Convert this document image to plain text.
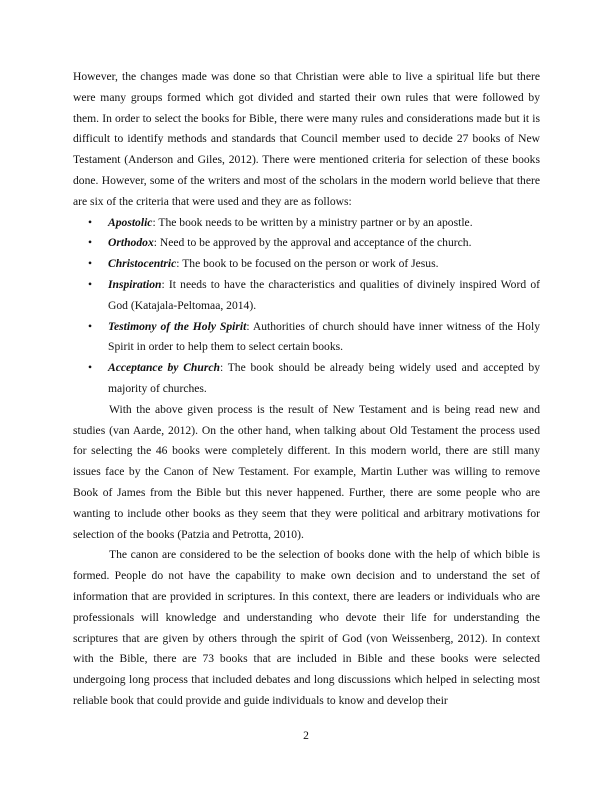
However, the changes made was done so that Christian were able to live a spiritual life but there were many groups formed which got divided and started their own rules that were followed by them. In order to select the books for Bible, there were many rules and considerations made but it is difficult to identify methods and standards that Council member used to decide 27 books of New Testament (Anderson and Giles, 2012). There were mentioned criteria for selection of these books done. However, some of the writers and most of the scholars in the modern world believe that there are six of the criteria that were used and they are as follows:

• Apostolic: The book needs to be written by a ministry partner or by an apostle.
• Orthodox: Need to be approved by the approval and acceptance of the church.
• Christocentric: The book to be focused on the person or work of Jesus.
• Inspiration: It needs to have the characteristics and qualities of divinely inspired Word of God (Katajala-Peltomaa, 2014).
• Testimony of the Holy Spirit: Authorities of church should have inner witness of the Holy Spirit in order to help them to select certain books.
• Acceptance by Church: The book should be already being widely used and accepted by majority of churches.

With the above given process is the result of New Testament and is being read new and studies (van Aarde, 2012). On the other hand, when talking about Old Testament the process used for selecting the 46 books were completely different. In this modern world, there are still many issues face by the Canon of New Testament. For example, Martin Luther was willing to remove Book of James from the Bible but this never happened. Further, there are some people who are wanting to include other books as they seem that they were political and arbitrary motivations for selection of the books (Patzia and Petrotta, 2010).

The canon are considered to be the selection of books done with the help of which bible is formed. People do not have the capability to make own decision and to understand the set of information that are provided in scriptures. In this context, there are leaders or individuals who are professionals will knowledge and understanding who devote their life for understanding the scriptures that are given by others through the spirit of God (von Weissenberg, 2012). In context with the Bible, there are 73 books that are included in Bible and these books were selected undergoing long process that included debates and long discussions which helped in selecting most reliable book that could provide and guide individuals to know and develop their

2
